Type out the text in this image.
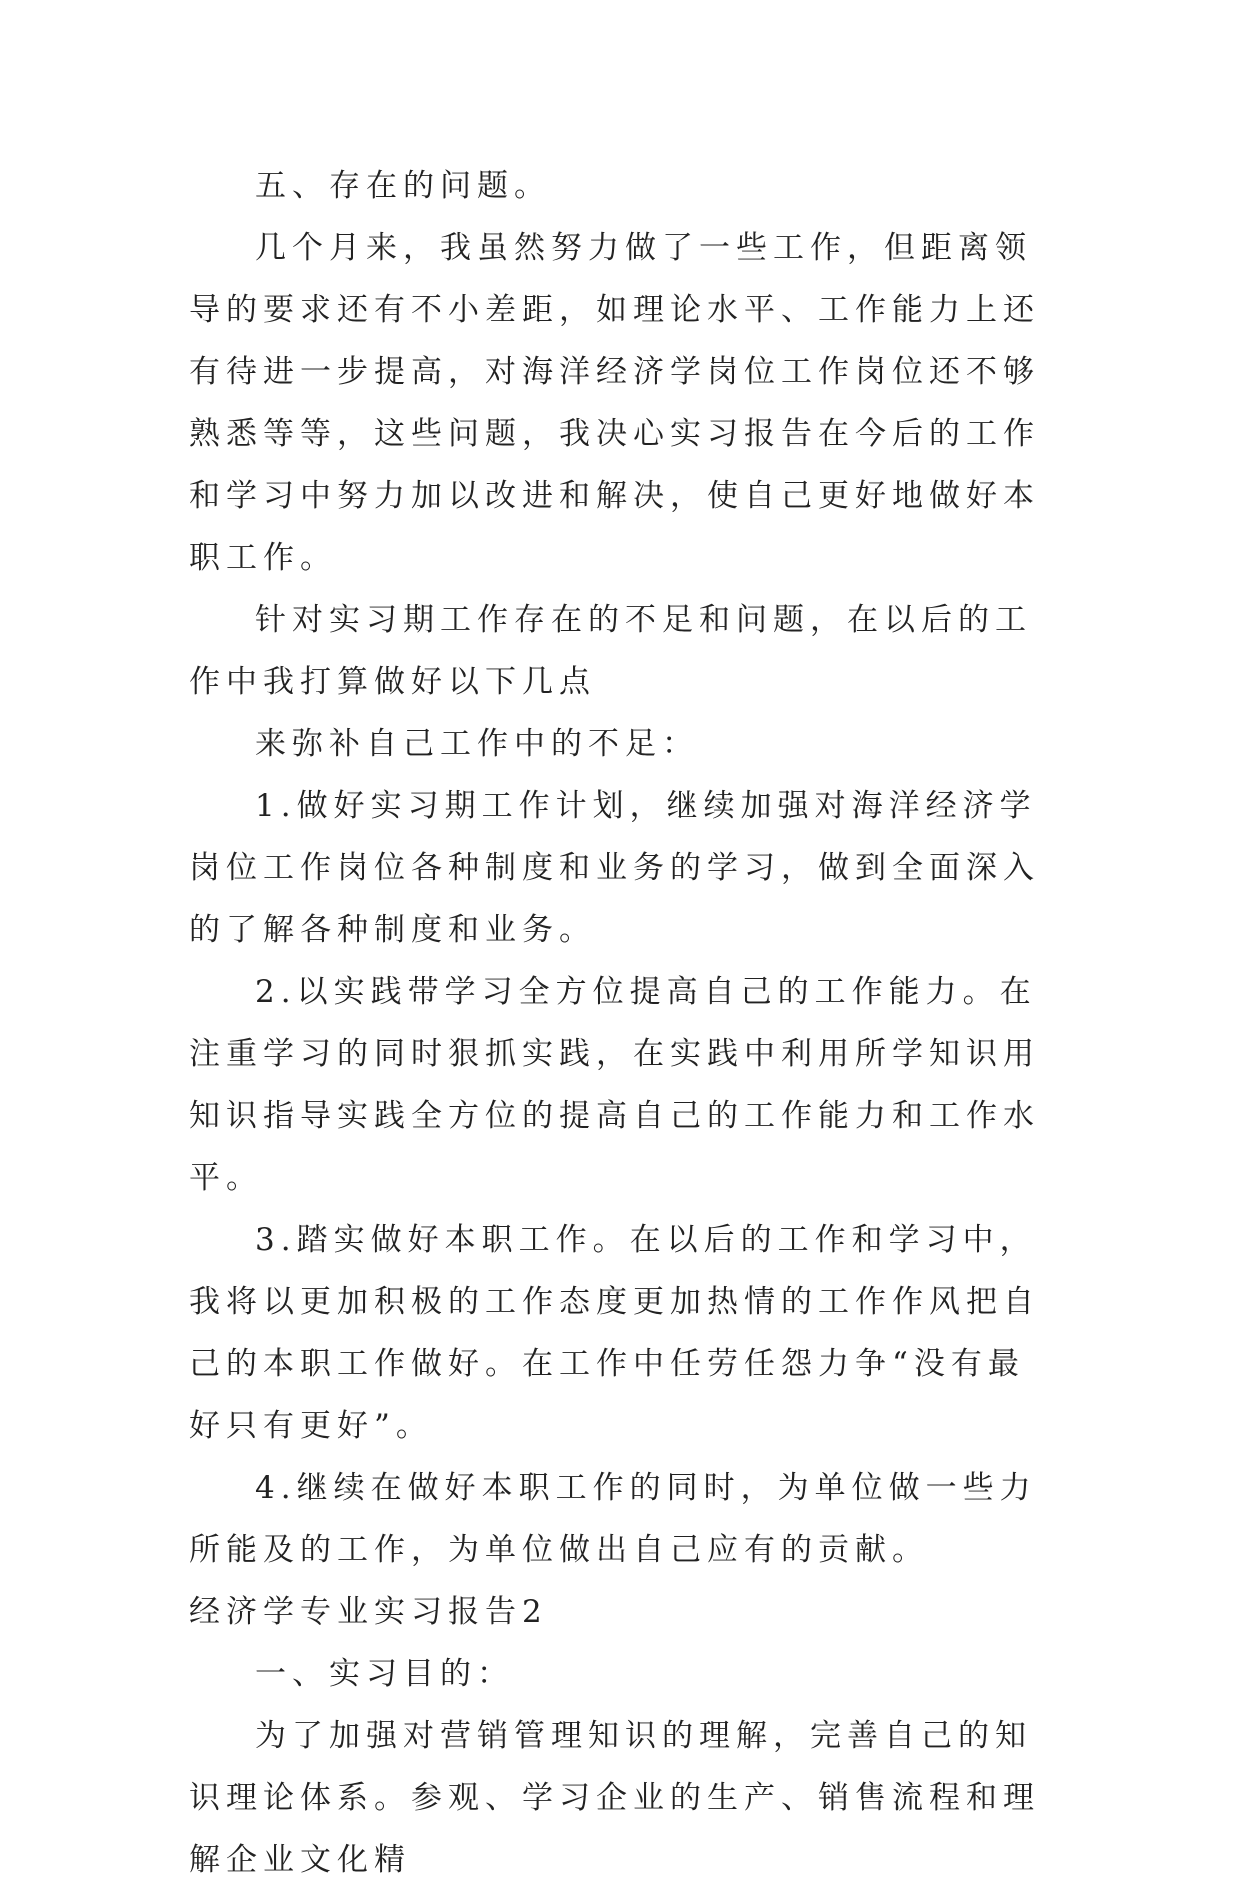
五、存在的问题。

几个月来，我虽然努力做了一些工作，但距离领导的要求还有不小差距，如理论水平、工作能力上还有待进一步提高，对海洋经济学岗位工作岗位还不够熟悉等等，这些问题，我决心实习报告在今后的工作和学习中努力加以改进和解决，使自己更好地做好本职工作。

针对实习期工作存在的不足和问题，在以后的工作中我打算做好以下几点

来弥补自己工作中的不足：

1.做好实习期工作计划，继续加强对海洋经济学岗位工作岗位各种制度和业务的学习，做到全面深入的了解各种制度和业务。

2.以实践带学习全方位提高自己的工作能力。在注重学习的同时狠抓实践，在实践中利用所学知识用知识指导实践全方位的提高自己的工作能力和工作水平。

3.踏实做好本职工作。在以后的工作和学习中，我将以更加积极的工作态度更加热情的工作作风把自己的本职工作做好。在工作中任劳任怨力争“没有最好只有更好”。

4.继续在做好本职工作的同时，为单位做一些力所能及的工作，为单位做出自己应有的贡献。

经济学专业实习报告2

一、实习目的：

为了加强对营销管理知识的理解，完善自己的知识理论体系。参观、学习企业的生产、销售流程和理解企业文化精
